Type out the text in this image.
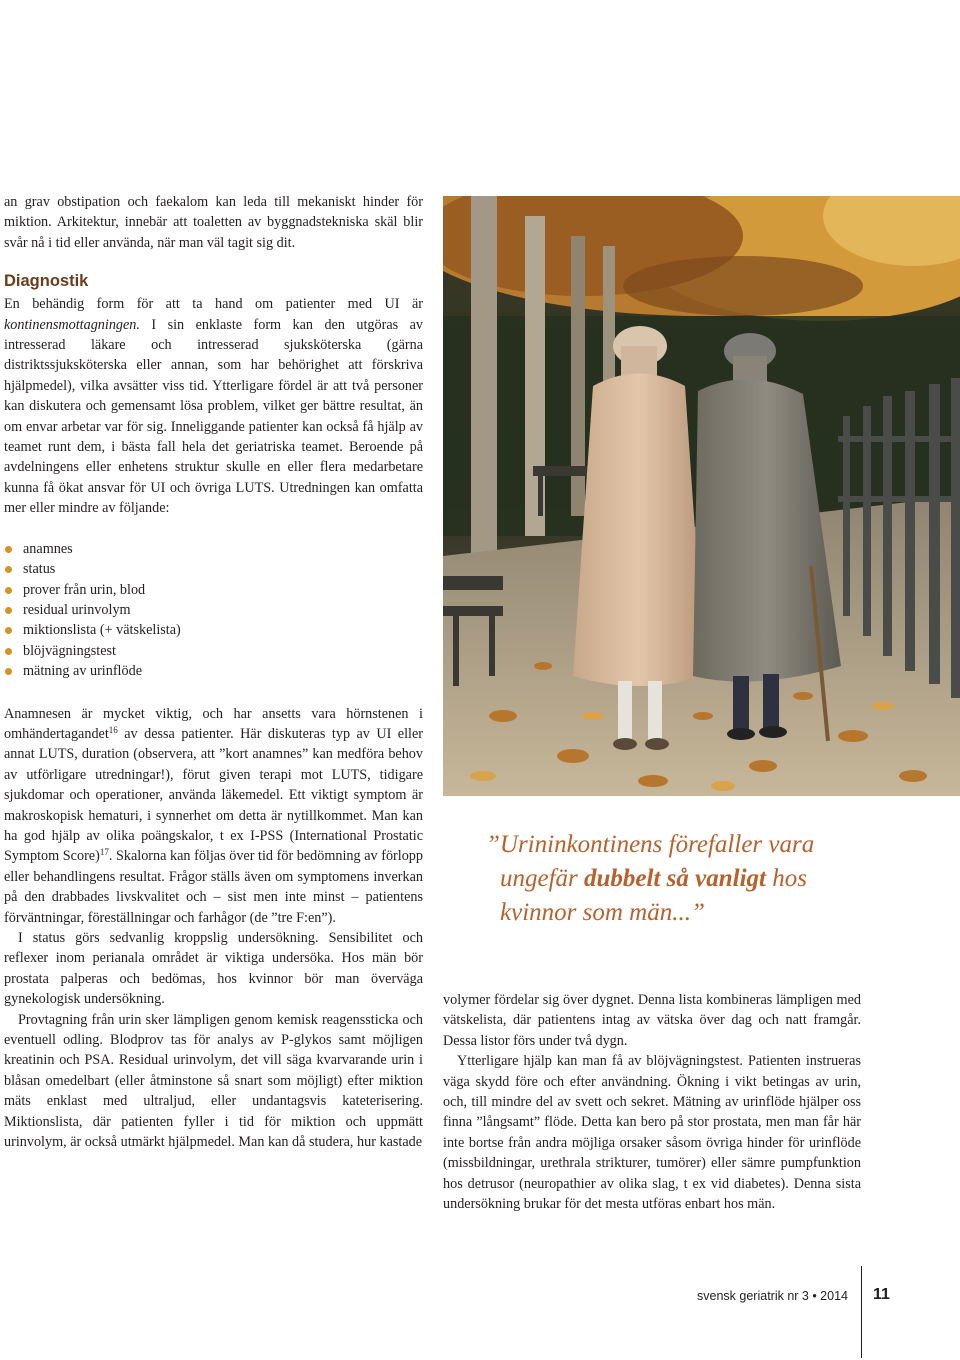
an grav obstipation och faekalom kan leda till mekaniskt hinder för miktion. Arkitektur, innebär att toaletten av byggnadstekniska skäl blir svår nå i tid eller använda, när man väl tagit sig dit.

Diagnostik

En behändig form för att ta hand om patienter med UI är kontinensmottagningen. I sin enklaste form kan den utgöras av intresserad läkare och intresserad sjuksköterska (gärna distriktssjuksköterska eller annan, som har behörighet att förskriva hjälpmedel), vilka avsätter viss tid. Ytterligare fördel är att två personer kan diskutera och gemensamt lösa problem, vilket ger bättre resultat, än om envar arbetar var för sig. Inneliggande patienter kan också få hjälp av teamet runt dem, i bästa fall hela det geriatriska teamet. Beroende på avdelningens eller enhetens struktur skulle en eller flera medarbetare kunna få ökat ansvar för UI och övriga LUTS. Utredningen kan omfatta mer eller mindre av följande:

anamnes
status
prover från urin, blod
residual urinvolym
miktionslista (+ vätskelista)
blöjvägningstest
mätning av urinflöde

Anamnesen är mycket viktig, och har ansetts vara hörnstenen i omhändertagandet$^{16}$ av dessa patienter. Här diskuteras typ av UI eller annat LUTS, duration (observera, att ”kort anamnes” kan medföra behov av utförligare utredningar!), förut given terapi mot LUTS, tidigare sjukdomar och operationer, använda läkemedel. Ett viktigt symptom är makroskopisk hematuri, i synnerhet om detta är nytillkommet. Man kan ha god hjälp av olika poängskalor, t ex I-PSS (International Prostatic Symptom Score)$^{17}$. Skalorna kan följas över tid för bedömning av förlopp eller behandlingens resultat. Frågor ställs även om symptomens inverkan på den drabbades livskvalitet och – sist men inte minst – patientens förväntningar, föreställningar och farhågor (de ”tre F:en”).

I status görs sedvanlig kroppslig undersökning. Sensibilitet och reflexer inom perianala området är viktiga undersöka. Hos män bör prostata palperas och bedömas, hos kvinnor bör man överväga gynekologisk undersökning.

Provtagning från urin sker lämpligen genom kemisk reagenssticka och eventuell odling. Blodprov tas för analys av P-glykos samt möjligen kreatinin och PSA. Residual urinvolym, det vill säga kvarvarande urin i blåsan omedelbart (eller åtminstone så snart som möjligt) efter miktion mäts enklast med ultraljud, eller undantagsvis kateterisering. Miktionslista, där patienten fyller i tid för miktion och uppmätt urinvolym, är också utmärkt hjälpmedel. Man kan då studera, hur kastade

”Urininkontinens förefaller vara
ungefär dubbelt så vanligt hos
kvinnor som män...”

volymer fördelar sig över dygnet. Denna lista kombineras lämpligen med vätskelista, där patientens intag av vätska över dag och natt framgår. Dessa listor förs under två dygn.

Ytterligare hjälp kan man få av blöjvägningstest. Patienten instrueras väga skydd före och efter användning. Ökning i vikt betingas av urin, och, till mindre del av svett och sekret. Mätning av urinflöde hjälper oss finna ”långsamt” flöde. Detta kan bero på stor prostata, men man får här inte bortse från andra möjliga orsaker såsom övriga hinder för urinflöde (missbildningar, urethrala strikturer, tumörer) eller sämre pumpfunktion hos detrusor (neuropathier av olika slag, t ex vid diabetes). Denna sista undersökning brukar för det mesta utföras enbart hos män.

svensk geriatrik nr 3 • 2014 11
